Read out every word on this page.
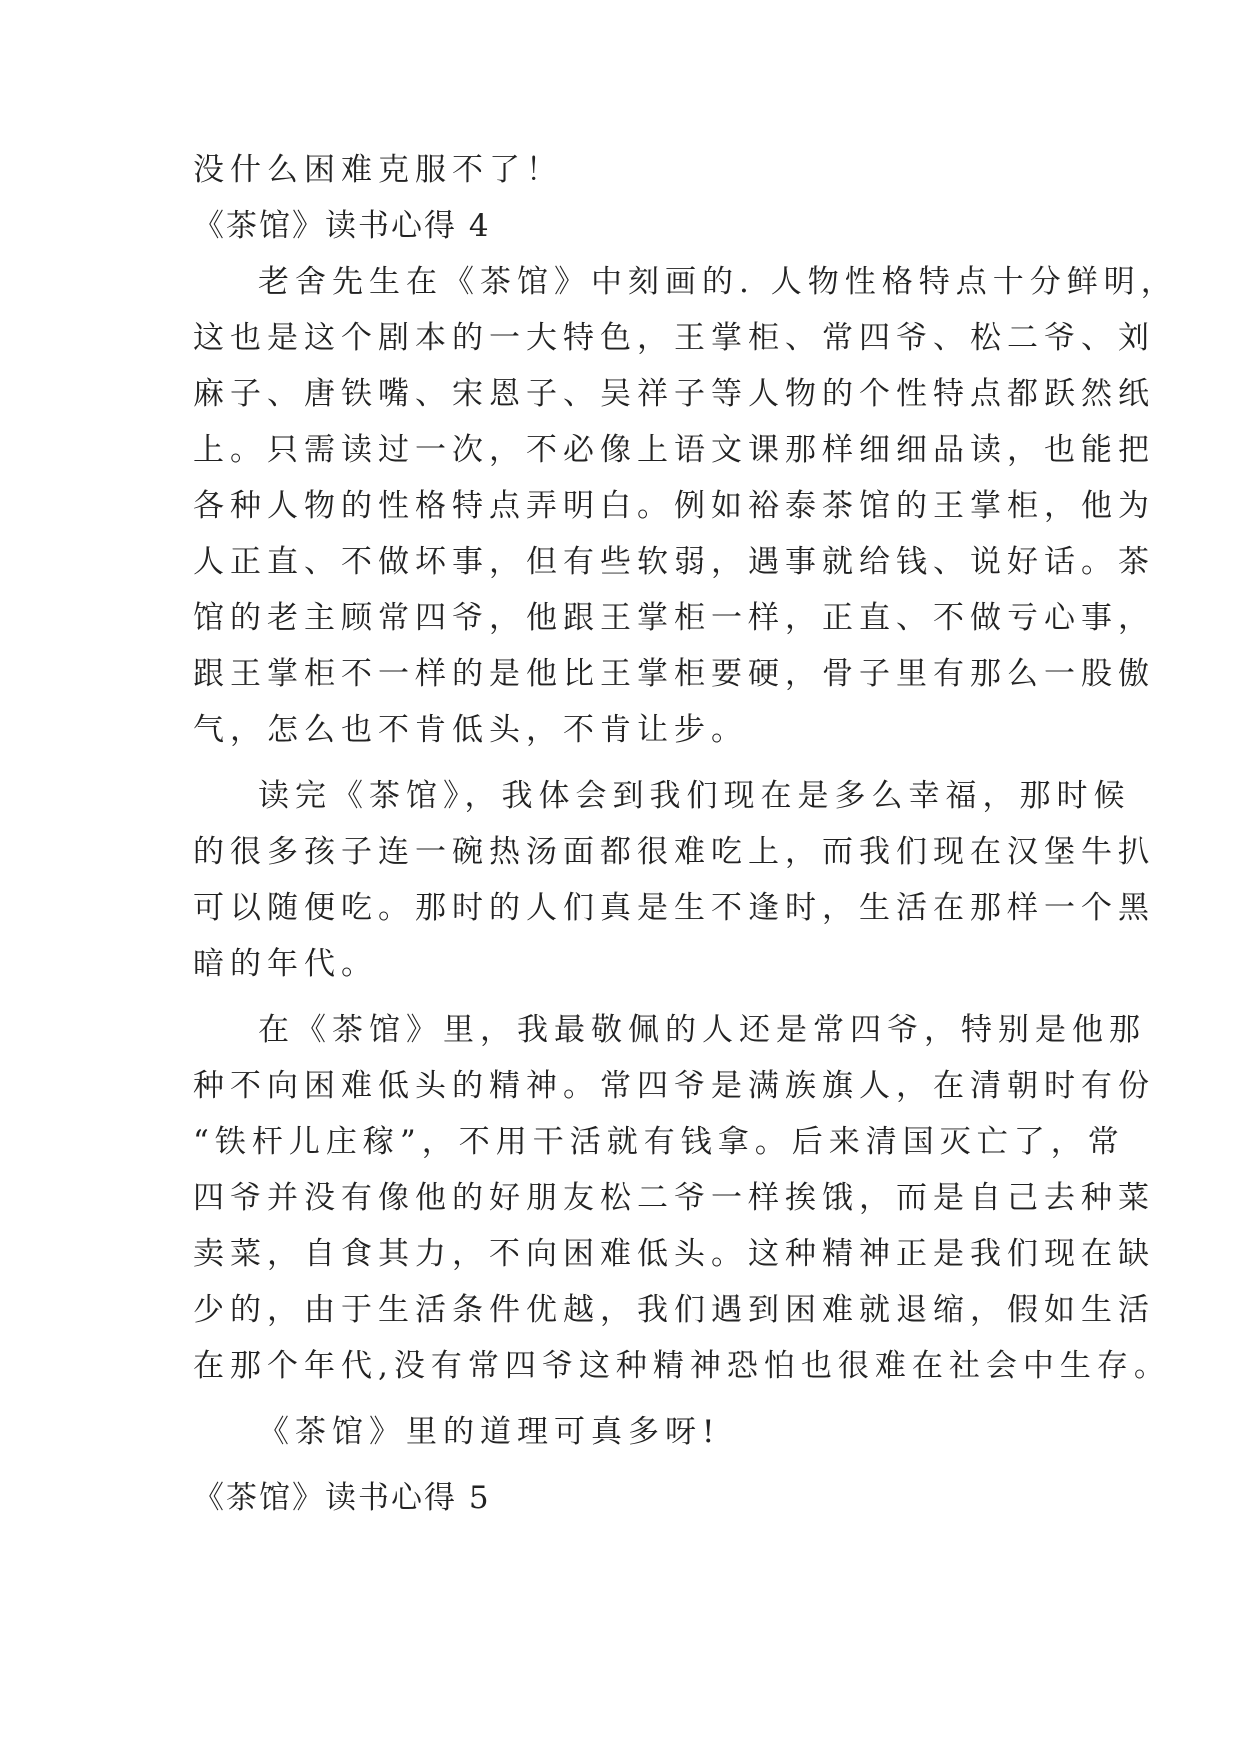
没什么困难克服不了！
《茶馆》读书心得 4
老舍先生在《茶馆》中刻画的. 人物性格特点十分鲜明，
这也是这个剧本的一大特色，王掌柜、常四爷、松二爷、刘
麻子、唐铁嘴、宋恩子、吴祥子等人物的个性特点都跃然纸
上。只需读过一次，不必像上语文课那样细细品读，也能把
各种人物的性格特点弄明白。例如裕泰茶馆的王掌柜，他为
人正直、不做坏事，但有些软弱，遇事就给钱、说好话。茶
馆的老主顾常四爷，他跟王掌柜一样，正直、不做亏心事，
跟王掌柜不一样的是他比王掌柜要硬，骨子里有那么一股傲
气，怎么也不肯低头，不肯让步。
读完《茶馆》，我体会到我们现在是多么幸福，那时候
的很多孩子连一碗热汤面都很难吃上，而我们现在汉堡牛扒
可以随便吃。那时的人们真是生不逢时，生活在那样一个黑
暗的年代。
在《茶馆》里，我最敬佩的人还是常四爷，特别是他那
种不向困难低头的精神。常四爷是满族旗人，在清朝时有份
“铁杆儿庄稼”，不用干活就有钱拿。后来清国灭亡了，常
四爷并没有像他的好朋友松二爷一样挨饿，而是自己去种菜
卖菜，自食其力，不向困难低头。这种精神正是我们现在缺
少的，由于生活条件优越，我们遇到困难就退缩，假如生活
在那个年代,没有常四爷这种精神恐怕也很难在社会中生存。
《茶馆》里的道理可真多呀!
《茶馆》读书心得 5
